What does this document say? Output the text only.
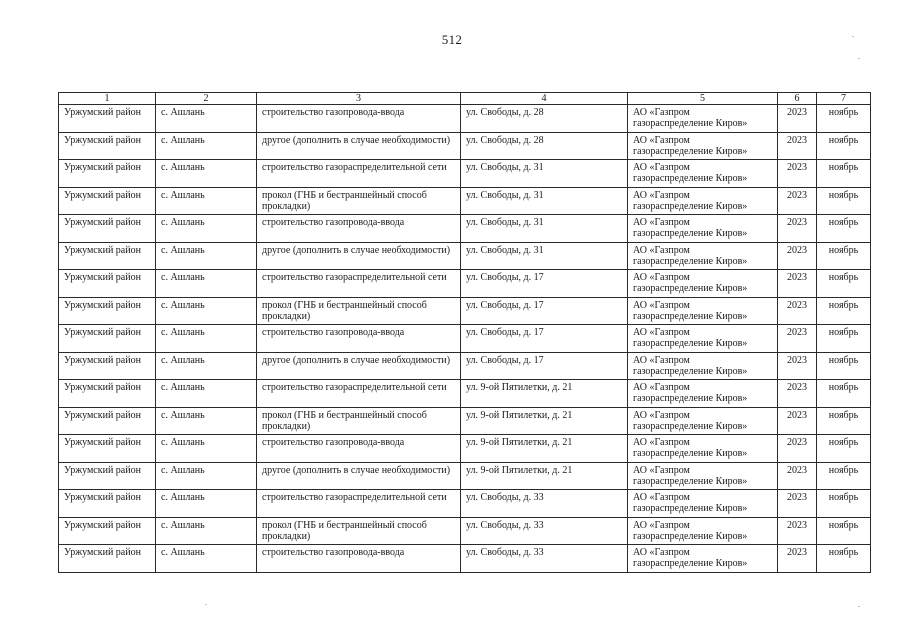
512
1	2	3	4	5	6	7
Уржумский район	с. Ашлань	строительство газопровода-ввода	ул. Свободы, д. 28	АО «Газпром газораспределение Киров»	2023	ноябрь
Уржумский район	с. Ашлань	другое (дополнить в случае необходимости)	ул. Свободы, д. 28	АО «Газпром газораспределение Киров»	2023	ноябрь
Уржумский район	с. Ашлань	строительство газораспределительной сети	ул. Свободы, д. 31	АО «Газпром газораспределение Киров»	2023	ноябрь
Уржумский район	с. Ашлань	прокол (ГНБ и бестраншейный способ прокладки)	ул. Свободы, д. 31	АО «Газпром газораспределение Киров»	2023	ноябрь
Уржумский район	с. Ашлань	строительство газопровода-ввода	ул. Свободы, д. 31	АО «Газпром газораспределение Киров»	2023	ноябрь
Уржумский район	с. Ашлань	другое (дополнить в случае необходимости)	ул. Свободы, д. 31	АО «Газпром газораспределение Киров»	2023	ноябрь
Уржумский район	с. Ашлань	строительство газораспределительной сети	ул. Свободы, д. 17	АО «Газпром газораспределение Киров»	2023	ноябрь
Уржумский район	с. Ашлань	прокол (ГНБ и бестраншейный способ прокладки)	ул. Свободы, д. 17	АО «Газпром газораспределение Киров»	2023	ноябрь
Уржумский район	с. Ашлань	строительство газопровода-ввода	ул. Свободы, д. 17	АО «Газпром газораспределение Киров»	2023	ноябрь
Уржумский район	с. Ашлань	другое (дополнить в случае необходимости)	ул. Свободы, д. 17	АО «Газпром газораспределение Киров»	2023	ноябрь
Уржумский район	с. Ашлань	строительство газораспределительной сети	ул. 9-ой Пятилетки, д. 21	АО «Газпром газораспределение Киров»	2023	ноябрь
Уржумский район	с. Ашлань	прокол (ГНБ и бестраншейный способ прокладки)	ул. 9-ой Пятилетки, д. 21	АО «Газпром газораспределение Киров»	2023	ноябрь
Уржумский район	с. Ашлань	строительство газопровода-ввода	ул. 9-ой Пятилетки, д. 21	АО «Газпром газораспределение Киров»	2023	ноябрь
Уржумский район	с. Ашлань	другое (дополнить в случае необходимости)	ул. 9-ой Пятилетки, д. 21	АО «Газпром газораспределение Киров»	2023	ноябрь
Уржумский район	с. Ашлань	строительство газораспределительной сети	ул. Свободы, д. 33	АО «Газпром газораспределение Киров»	2023	ноябрь
Уржумский район	с. Ашлань	прокол (ГНБ и бестраншейный способ прокладки)	ул. Свободы, д. 33	АО «Газпром газораспределение Киров»	2023	ноябрь
Уржумский район	с. Ашлань	строительство газопровода-ввода	ул. Свободы, д. 33	АО «Газпром газораспределение Киров»	2023	ноябрь
